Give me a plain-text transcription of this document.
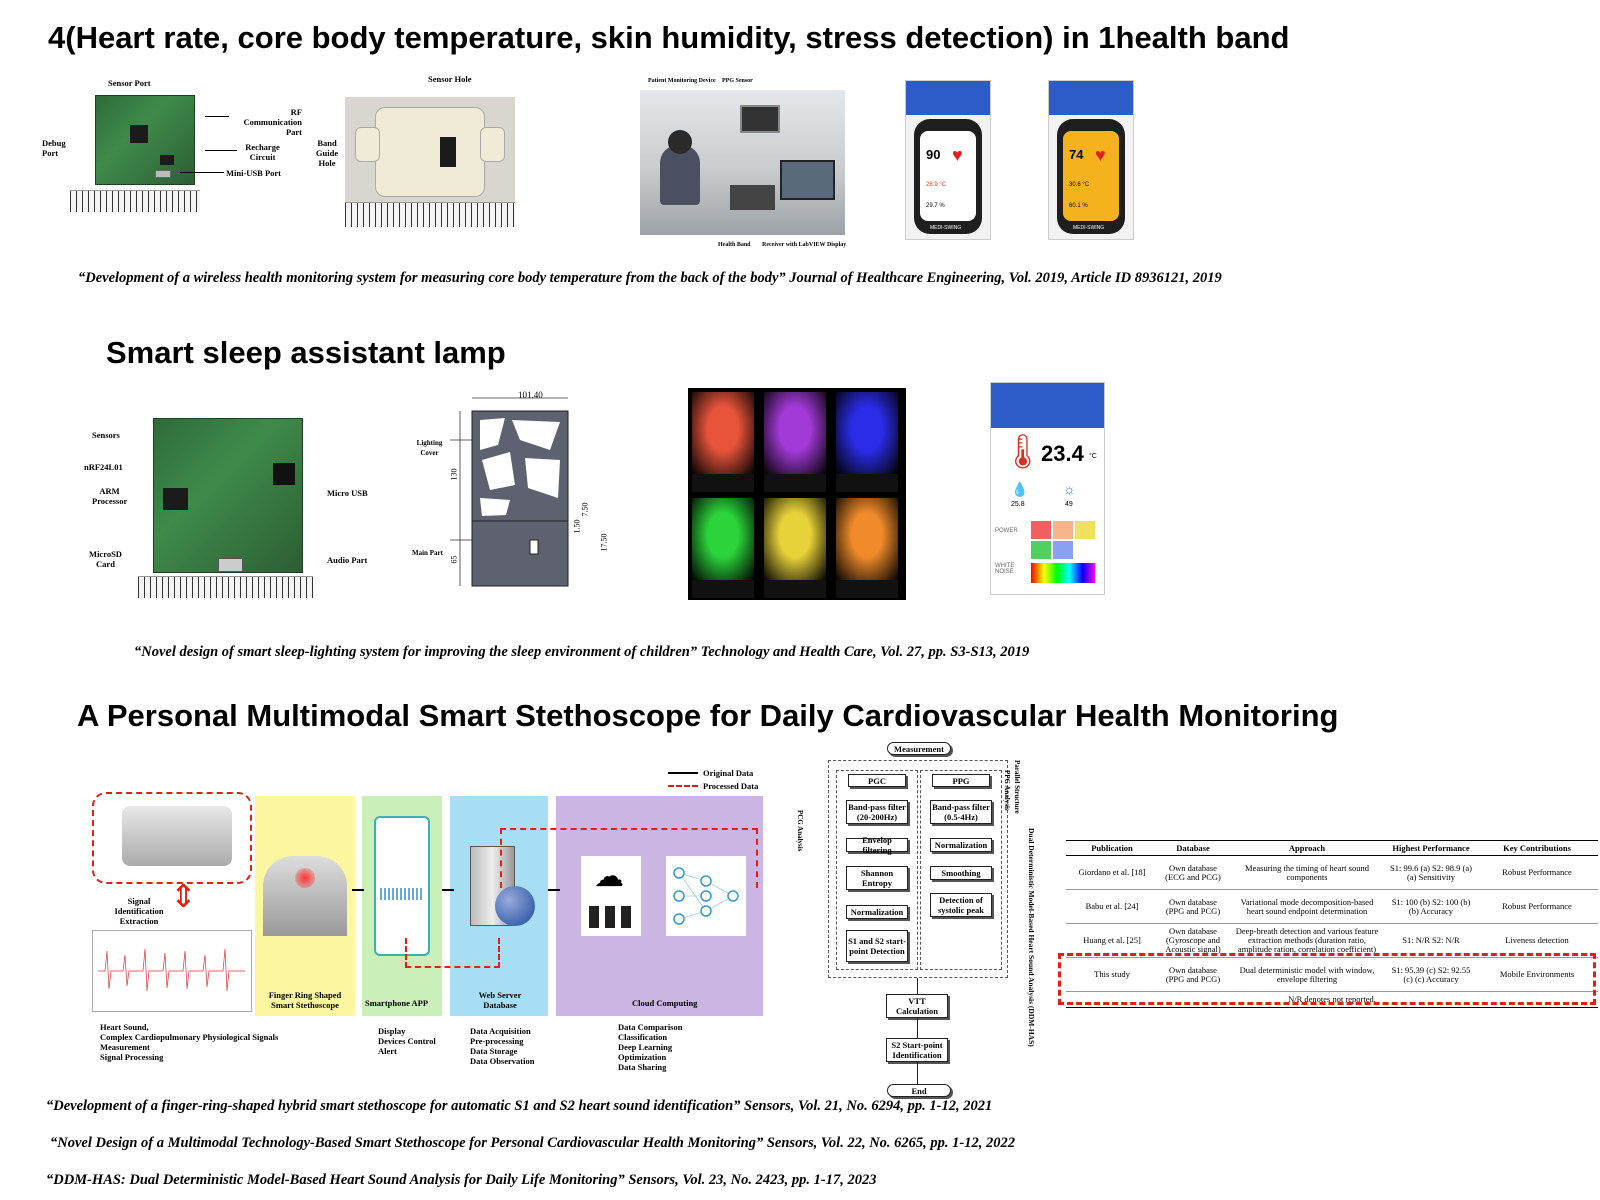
4(Heart rate, core body temperature, skin humidity, stress detection) in 1health band
Sensor Port
RF Communication Part
Debug Port
Recharge Circuit
Mini-USB Port
Sensor Hole
Band Guide Hole
Patient Monitoring Device PPG Sensor
Health Band Receiver with LabVIEW Display
90 ♥
28.9 °C
29.7 %
MEDI-SWING
74 ♥
30.6 °C
60.1 %
MEDI-SWING
“Development of a wireless health monitoring system for measuring core body temperature from the back of the body” Journal of Healthcare Engineering, Vol. 2019, Article ID 8936121, 2019
Smart sleep assistant lamp
Sensors
nRF24L01
ARM Processor
MicroSD Card
Micro USB
Audio Part
101.40
130
65
7.50
1.50
17.50
Lighting Cover
Main Part
🌡
23.4 °C
💧 ☼
25.8	49
POWER
WHITE NOISE
“Novel design of smart sleep-lighting system for improving the sleep environment of children” Technology and Health Care, Vol. 27, pp. S3-S13, 2019
A Personal Multimodal Smart Stethoscope for Daily Cardiovascular Health Monitoring
Original Data
Processed Data
Finger Ring Shaped Smart Stethoscope	Smartphone APP
Web Server Database
☁
Cloud Computing
⇕
Signal Identification Extraction
Heart Sound,
Complex Cardiopulmonary Physiological Signals
Measurement
Signal Processing
Display
Devices Control
Alert
Data Acquisition
Pre-processing
Data Storage
Data Observation
Data Comparison
Classification
Deep Learning
Optimization
Data Sharing
Measurement
PGC	PPG
Band-pass filter (20-200Hz)
Envelop filtering
Shannon Entropy
Normalization
S1 and S2 start-point Detection
Band-pass filter (0.5-4Hz)
Normalization
Smoothing
Detection of systolic peak
VTT Calculation
S2 Start-point Identification
End
PCG Analysis
PPG Analysis Parallel Structure
Dual Deterministic Model-Based Heart Sound Analysis (DDM-HAS)	Publication	Database	Approach	Highest Performance	Key Contributions
Giordano et al. [18]	Own database (ECG and PCG)	Measuring the timing of heart sound components	S1: 99.6 (a) S2: 98.9 (a) (a) Sensitivity	Robust Performance
Babu et al. [24]	Own database (PPG and PCG)	Variational mode decomposition-based heart sound endpoint determination	S1: 100 (b) S2: 100 (b) (b) Accuracy	Robust Performance
Huang et al. [25]	Own database (Gyroscope and Acoustic signal)	Deep-breath detection and various feature extraction methods (duration ratio, amplitude ration, correlation coefficient)	S1: N/R S2: N/R	Liveness detection
This study	Own database (PPG and PCG)	Dual deterministic model with window, envelope filtering	S1: 95.39 (c) S2: 92.55 (c) (c) Accuracy	Mobile Environments
N/R denotes not reported.				
“Development of a finger-ring-shaped hybrid smart stethoscope for automatic S1 and S2 heart sound identification” Sensors, Vol. 21, No. 6294, pp. 1-12, 2021
“Novel Design of a Multimodal Technology-Based Smart Stethoscope for Personal Cardiovascular Health Monitoring” Sensors, Vol. 22, No. 6265, pp. 1-12, 2022
“DDM-HAS: Dual Deterministic Model-Based Heart Sound Analysis for Daily Life Monitoring” Sensors, Vol. 23, No. 2423, pp. 1-17, 2023
